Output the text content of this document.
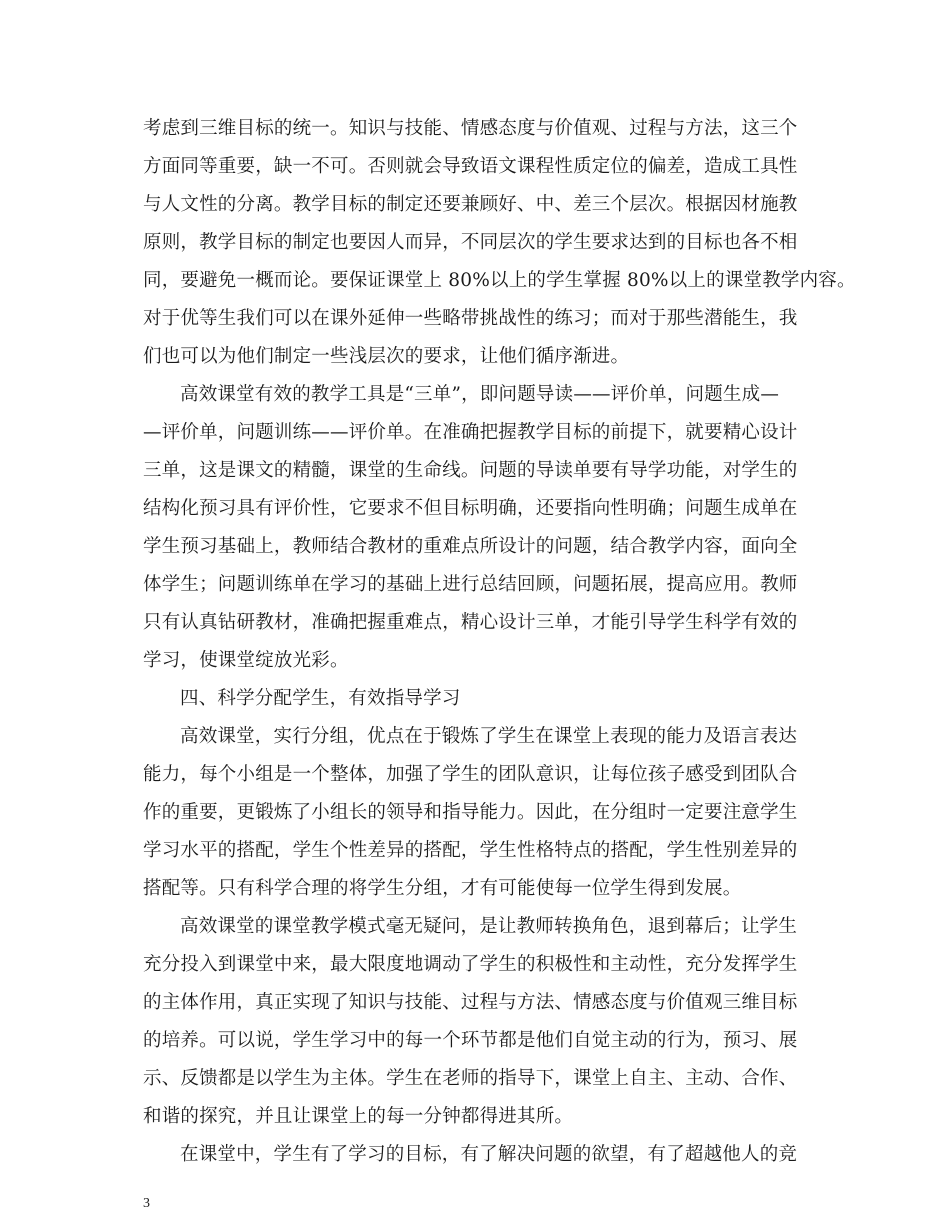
考虑到三维目标的统一。知识与技能、情感态度与价值观、过程与方法，这三个
方面同等重要，缺一不可。否则就会导致语文课程性质定位的偏差，造成工具性
与人文性的分离。教学目标的制定还要兼顾好、中、差三个层次。根据因材施教
原则，教学目标的制定也要因人而异，不同层次的学生要求达到的目标也各不相
同，要避免一概而论。要保证课堂上 80%以上的学生掌握 80%以上的课堂教学内容。
对于优等生我们可以在课外延伸一些略带挑战性的练习；而对于那些潜能生，我
们也可以为他们制定一些浅层次的要求，让他们循序渐进。
高效课堂有效的教学工具是“三单”，即问题导读——评价单，问题生成—
—评价单，问题训练——评价单。在准确把握教学目标的前提下，就要精心设计
三单，这是课文的精髓，课堂的生命线。问题的导读单要有导学功能，对学生的
结构化预习具有评价性，它要求不但目标明确，还要指向性明确；问题生成单在
学生预习基础上，教师结合教材的重难点所设计的问题，结合教学内容，面向全
体学生；问题训练单在学习的基础上进行总结回顾，问题拓展，提高应用。教师
只有认真钻研教材，准确把握重难点，精心设计三单，才能引导学生科学有效的
学习，使课堂绽放光彩。
四、科学分配学生，有效指导学习
高效课堂，实行分组，优点在于锻炼了学生在课堂上表现的能力及语言表达
能力，每个小组是一个整体，加强了学生的团队意识，让每位孩子感受到团队合
作的重要，更锻炼了小组长的领导和指导能力。因此，在分组时一定要注意学生
学习水平的搭配，学生个性差异的搭配，学生性格特点的搭配，学生性别差异的
搭配等。只有科学合理的将学生分组，才有可能使每一位学生得到发展。
高效课堂的课堂教学模式毫无疑问，是让教师转换角色，退到幕后；让学生
充分投入到课堂中来，最大限度地调动了学生的积极性和主动性，充分发挥学生
的主体作用，真正实现了知识与技能、过程与方法、情感态度与价值观三维目标
的培养。可以说，学生学习中的每一个环节都是他们自觉主动的行为，预习、展
示、反馈都是以学生为主体。学生在老师的指导下，课堂上自主、主动、合作、
和谐的探究，并且让课堂上的每一分钟都得进其所。
在课堂中，学生有了学习的目标，有了解决问题的欲望，有了超越他人的竞
3
